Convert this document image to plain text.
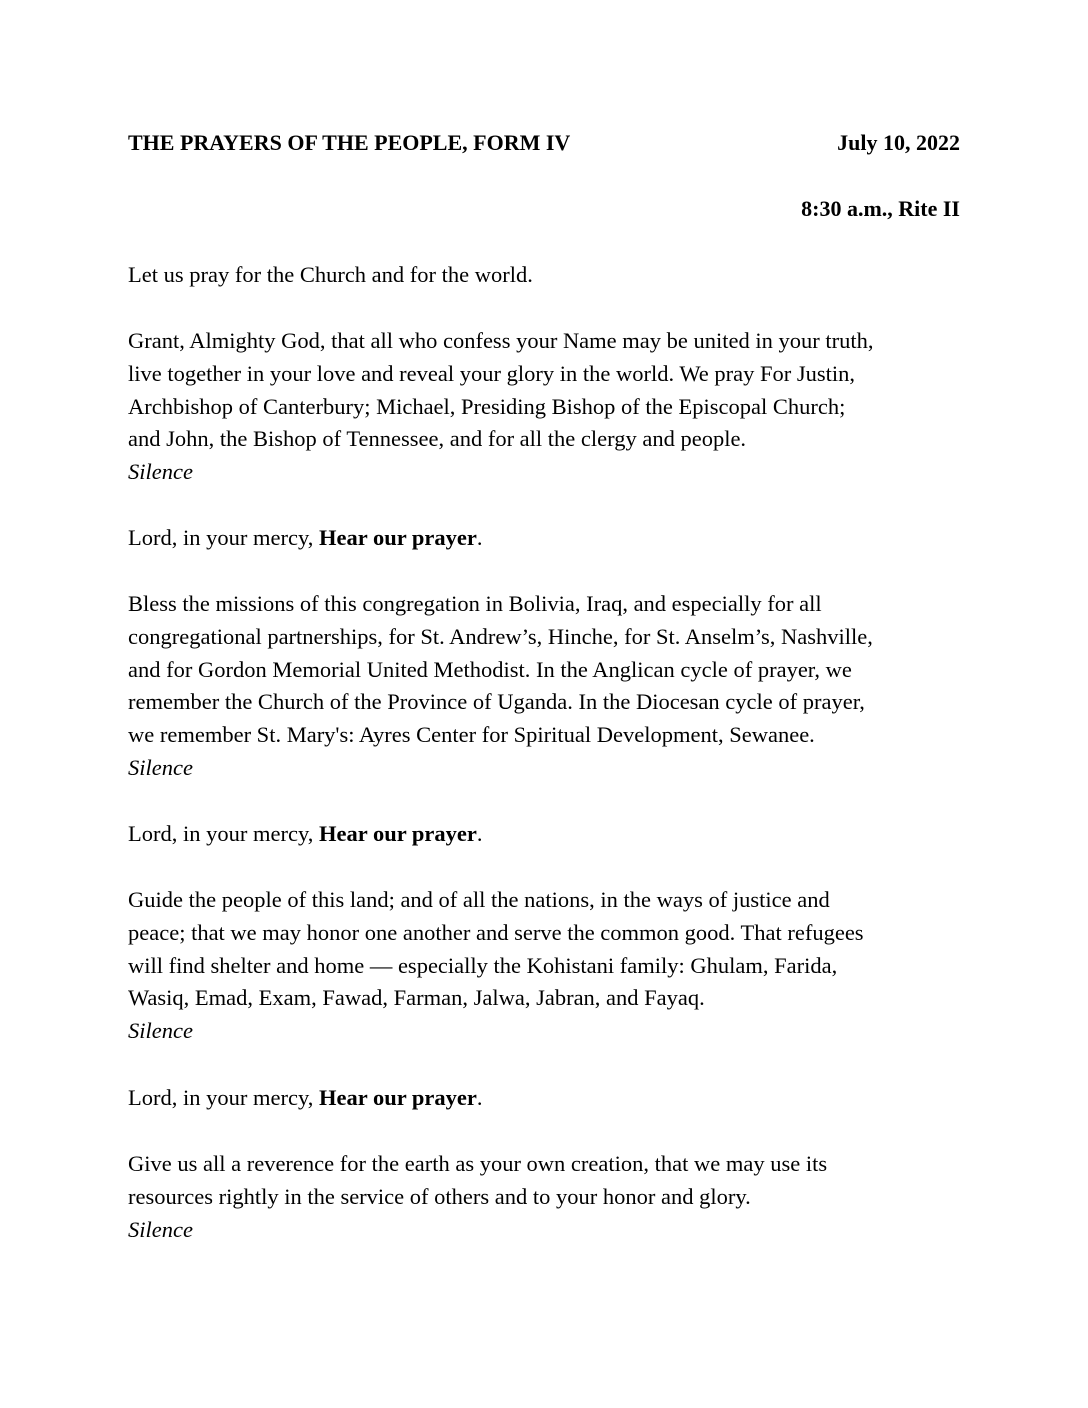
THE PRAYERS OF THE PEOPLE, FORM IV	July 10, 2022
8:30 a.m., Rite II
Let us pray for the Church and for the world.
Grant, Almighty God, that all who confess your Name may be united in your truth,
live together in your love and reveal your glory in the world. We pray For Justin,
Archbishop of Canterbury; Michael, Presiding Bishop of the Episcopal Church;
and John, the Bishop of Tennessee, and for all the clergy and people.
Silence
Lord, in your mercy, Hear our prayer.
Bless the missions of this congregation in Bolivia, Iraq, and especially for all
congregational partnerships, for St. Andrew’s, Hinche, for St. Anselm’s, Nashville,
and for Gordon Memorial United Methodist. In the Anglican cycle of prayer, we
remember the Church of the Province of Uganda. In the Diocesan cycle of prayer,
we remember St. Mary's: Ayres Center for Spiritual Development, Sewanee.
Silence
Lord, in your mercy, Hear our prayer.
Guide the people of this land; and of all the nations, in the ways of justice and
peace; that we may honor one another and serve the common good. That refugees
will find shelter and home — especially the Kohistani family: Ghulam, Farida,
Wasiq, Emad, Exam, Fawad, Farman, Jalwa, Jabran, and Fayaq.
Silence
Lord, in your mercy, Hear our prayer.
Give us all a reverence for the earth as your own creation, that we may use its
resources rightly in the service of others and to your honor and glory.
Silence
